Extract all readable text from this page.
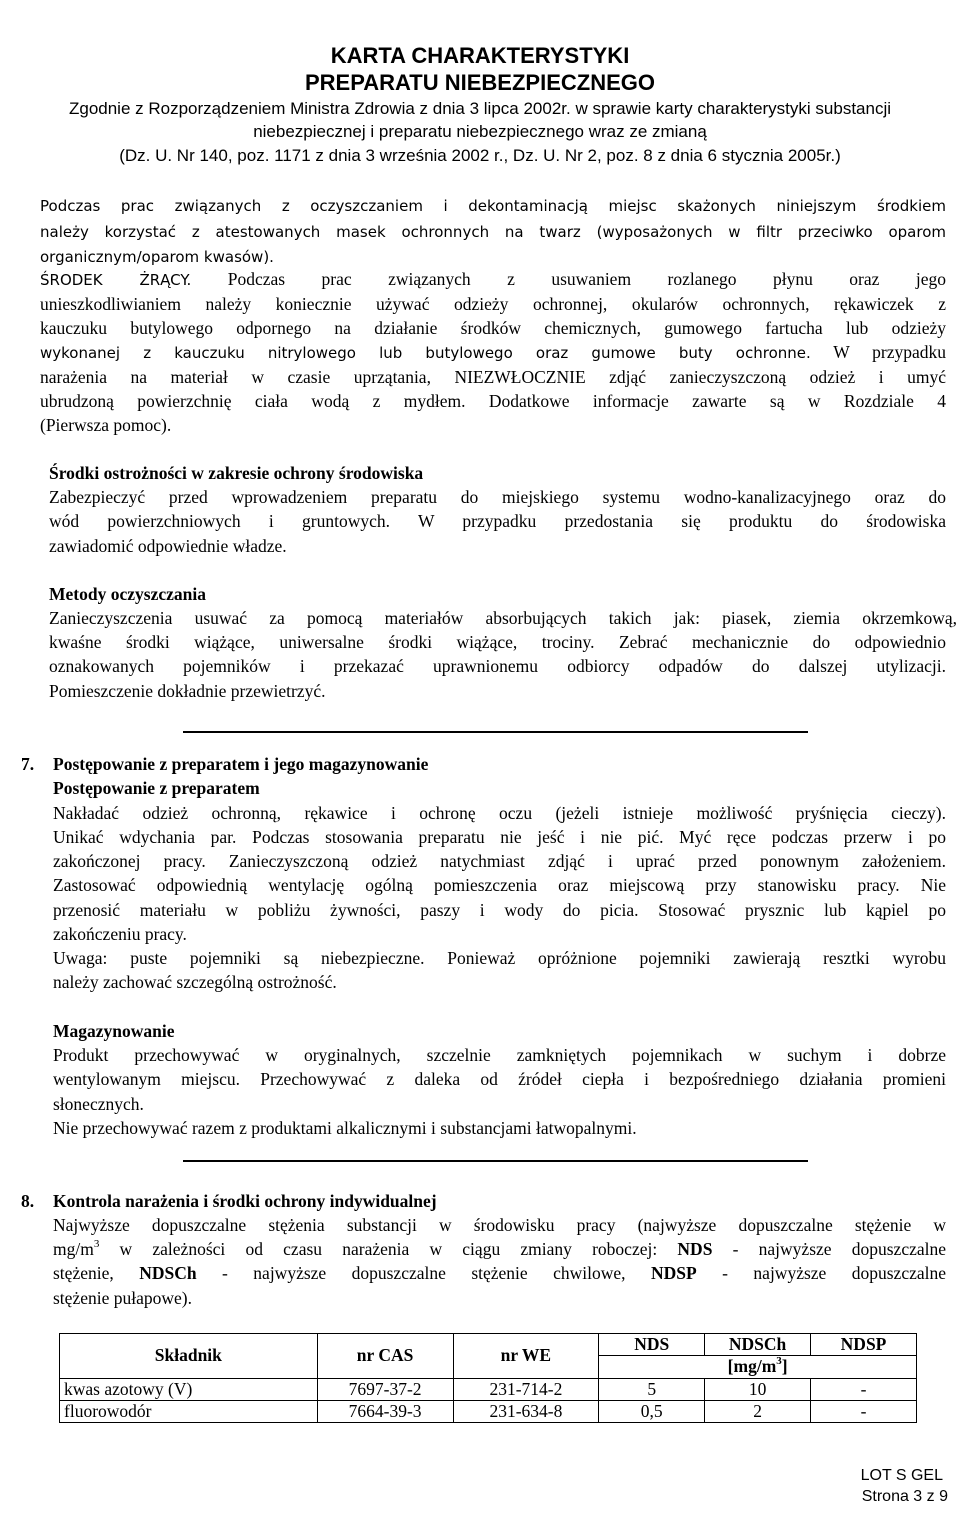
KARTA CHARAKTERYSTYKI
PREPARATU NIEBEZPIECZNEGO
Zgodnie z Rozporządzeniem Ministra Zdrowia z dnia 3 lipca 2002r. w sprawie karty charakterystyki substancji
niebezpiecznej i preparatu niebezpiecznego wraz ze zmianą
(Dz. U. Nr 140, poz. 1171 z dnia 3 września 2002 r., Dz. U. Nr 2, poz. 8 z dnia 6 stycznia 2005r.)
Podczas prac związanych z oczyszczaniem i dekontaminacją miejsc skażonych niniejszym środkiem
należy korzystać z atestowanych masek ochronnych na twarz (wyposażonych w filtr przeciwko oparom
organicznym/oparom kwasów).
ŚRODEK ŻRĄCY. Podczas prac związanych z usuwaniem rozlanego płynu oraz jego
unieszkodliwianiem należy koniecznie używać odzieży ochronnej, okularów ochronnych, rękawiczek z
kauczuku butylowego odpornego na działanie środków chemicznych, gumowego fartucha lub odzieży
wykonanej z kauczuku nitrylowego lub butylowego oraz gumowe buty ochronne. W przypadku
narażenia na materiał w czasie uprzątania, NIEZWŁOCZNIE zdjąć zanieczyszczoną odzież i umyć
ubrudzoną powierzchnię ciała wodą z mydłem. Dodatkowe informacje zawarte są w Rozdziale 4
(Pierwsza pomoc).
Środki ostrożności w zakresie ochrony środowiska
Zabezpieczyć przed wprowadzeniem preparatu do miejskiego systemu wodno-kanalizacyjnego oraz do
wód powierzchniowych i gruntowych. W przypadku przedostania się produktu do środowiska
zawiadomić odpowiednie władze.
Metody oczyszczania
Zanieczyszczenia usuwać za pomocą materiałów absorbujących takich jak: piasek, ziemia okrzemkową,
kwaśne środki wiążące, uniwersalne środki wiążące, trociny. Zebrać mechanicznie do odpowiednio
oznakowanych pojemników i przekazać uprawnionemu odbiorcy odpadów do dalszej utylizacji.
Pomieszczenie dokładnie przewietrzyć.
7. Postępowanie z preparatem i jego magazynowanie
Postępowanie z preparatem
Nakładać odzież ochronną, rękawice i ochronę oczu (jeżeli istnieje możliwość pryśnięcia cieczy).
Unikać wdychania par. Podczas stosowania preparatu nie jeść i nie pić. Myć ręce podczas przerw i po
zakończonej pracy. Zanieczyszczoną odzież natychmiast zdjąć i uprać przed ponownym założeniem.
Zastosować odpowiednią wentylację ogólną pomieszczenia oraz miejscową przy stanowisku pracy. Nie
przenosić materiału w pobliżu żywności, paszy i wody do picia. Stosować prysznic lub kąpiel po
zakończeniu pracy.
Uwaga: puste pojemniki są niebezpieczne. Ponieważ opróżnione pojemniki zawierają resztki wyrobu
należy zachować szczególną ostrożność.
Magazynowanie
Produkt przechowywać w oryginalnych, szczelnie zamkniętych pojemnikach w suchym i dobrze
wentylowanym miejscu. Przechowywać z daleka od źródeł ciepła i bezpośredniego działania promieni
słonecznych.
Nie przechowywać razem z produktami alkalicznymi i substancjami łatwopalnymi.
8. Kontrola narażenia i środki ochrony indywidualnej
Najwyższe dopuszczalne stężenia substancji w środowisku pracy (najwyższe dopuszczalne stężenie w
$mg/m^3$ w zależności od czasu narażenia w ciągu zmiany roboczej: NDS - najwyższe dopuszczalne
stężenie, NDSCh - najwyższe dopuszczalne stężenie chwilowe, NDSP - najwyższe dopuszczalne
stężenie pułapowe).
Składnik	nr CAS	nr WE	NDS	NDSCh	NDSP
			$[mg/m^3]$		
kwas azotowy (V)	7697-37-2	231-714-2	5	10	-
fluorowodór	7664-39-3	231-634-8	0,5	2	-
LOT S GEL
Strona 3 z 9
